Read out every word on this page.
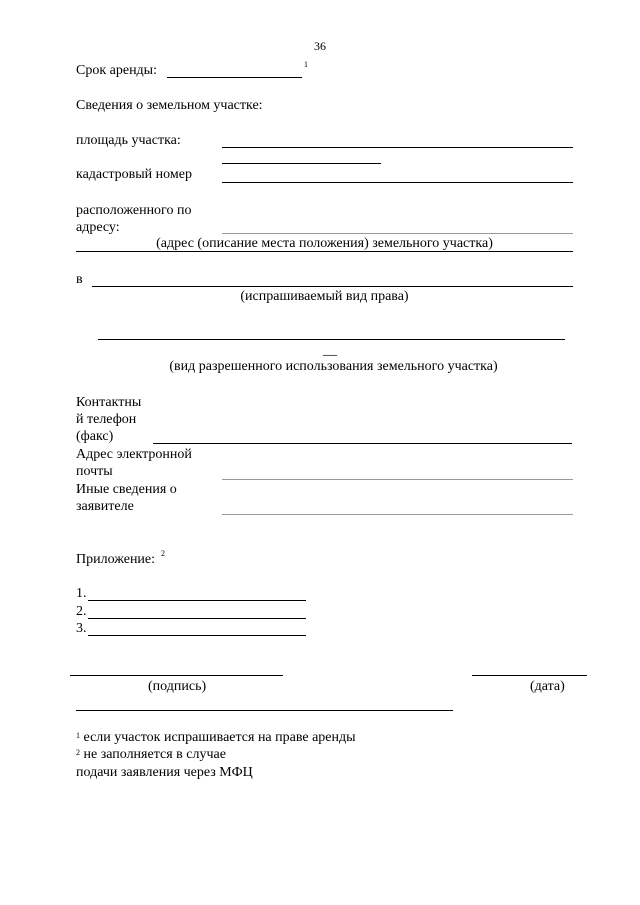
36
Срок аренды:	1
Сведения о земельном участке:
площадь участка:
кадастровый номер
расположенного по
адресу:
(адрес (описание места положения) земельного участка)
в
(испрашиваемый вид права)
__
(вид разрешенного использования земельного участка)
Контактны
й телефон
(факс)
Адрес электронной
почты
Иные сведения о
заявителе
Приложение: 2
1.
2.
3.
(подпись)	(дата)
$^1$ если участок испрашивается на праве аренды
$^2$ не заполняется в случае
подачи заявления через МФЦ
